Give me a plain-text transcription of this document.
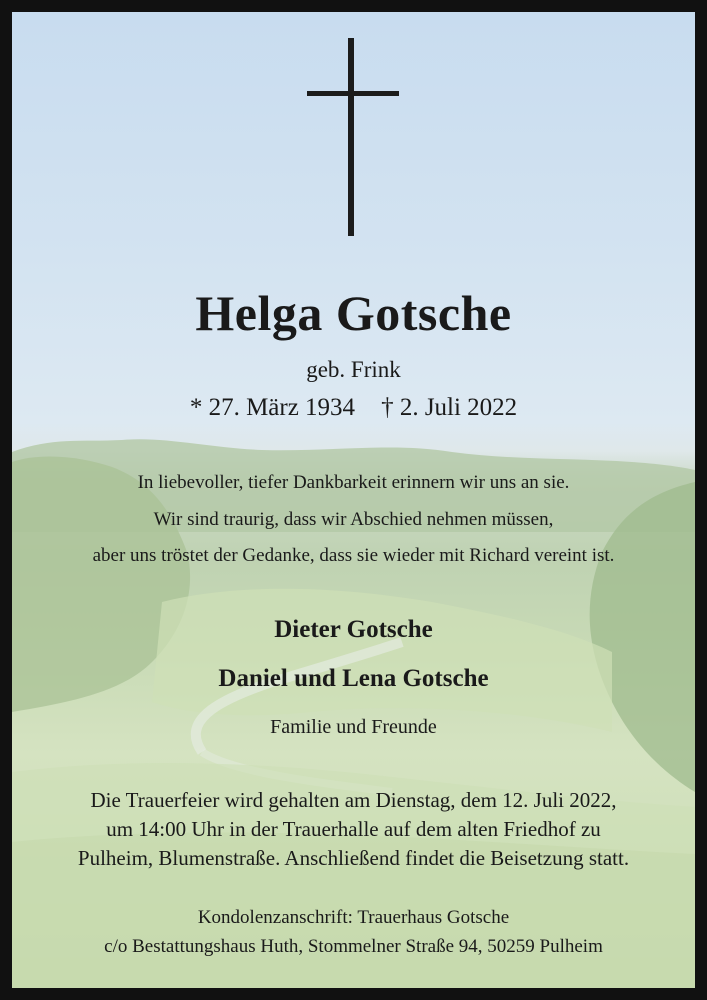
Helga Gotsche
geb. Frink
* 27. März 1934 † 2. Juli 2022
In liebevoller, tiefer Dankbarkeit erinnern wir uns an sie.
Wir sind traurig, dass wir Abschied nehmen müssen,
aber uns tröstet der Gedanke, dass sie wieder mit Richard vereint ist.
Dieter Gotsche
Daniel und Lena Gotsche
Familie und Freunde
Die Trauerfeier wird gehalten am Dienstag, dem 12. Juli 2022,
um 14:00 Uhr in der Trauerhalle auf dem alten Friedhof zu
Pulheim, Blumenstraße. Anschließend findet die Beisetzung statt.
Kondolenzanschrift: Trauerhaus Gotsche
c/o Bestattungshaus Huth, Stommelner Straße 94, 50259 Pulheim
